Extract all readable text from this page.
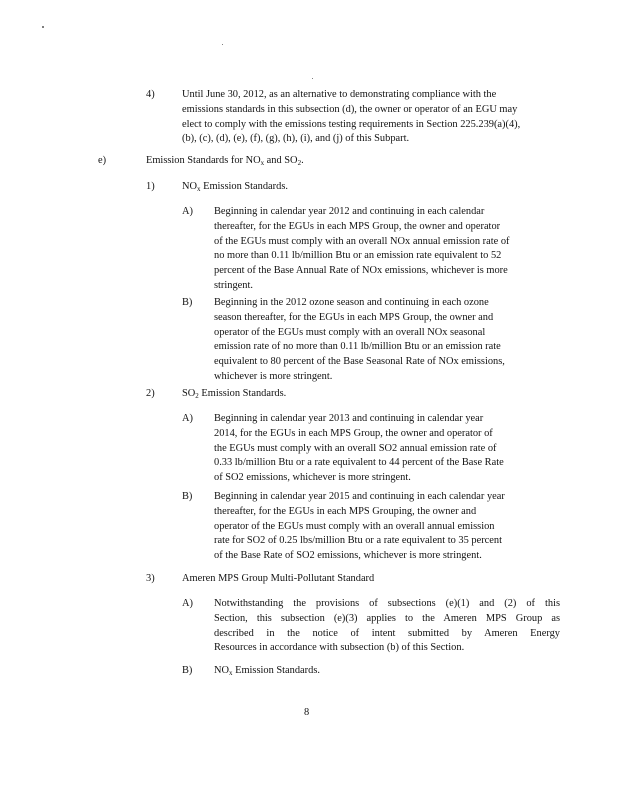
4)	Until June 30, 2012, as an alternative to demonstrating compliance with the
emissions standards in this subsection (d), the owner or operator of an EGU may
elect to comply with the emissions testing requirements in Section 225.239(a)(4),
(b), (c), (d), (e), (f), (g), (h), (i), and (j) of this Subpart.
e)	Emission Standards for $NO_x$ and $SO_2$.
1)	$NO_x$ Emission Standards.
A) Beginning in calendar year 2012 and continuing in each calendar
thereafter, for the EGUs in each MPS Group, the owner and operator
of the EGUs must comply with an overall NOx annual emission rate of
no more than 0.11 lb/million Btu or an emission rate equivalent to 52
percent of the Base Annual Rate of NOx emissions, whichever is more
stringent.
B) Beginning in the 2012 ozone season and continuing in each ozone
season thereafter, for the EGUs in each MPS Group, the owner and
operator of the EGUs must comply with an overall NOx seasonal
emission rate of no more than 0.11 lb/million Btu or an emission rate
equivalent to 80 percent of the Base Seasonal Rate of NOx emissions,
whichever is more stringent.
2)	$SO_2$ Emission Standards.
A) Beginning in calendar year 2013 and continuing in calendar year
2014, for the EGUs in each MPS Group, the owner and operator of
the EGUs must comply with an overall SO2 annual emission rate of
0.33 lb/million Btu or a rate equivalent to 44 percent of the Base Rate
of SO2 emissions, whichever is more stringent.
B) Beginning in calendar year 2015 and continuing in each calendar year
thereafter, for the EGUs in each MPS Grouping, the owner and
operator of the EGUs must comply with an overall annual emission
rate for SO2 of 0.25 lbs/million Btu or a rate equivalent to 35 percent
of the Base Rate of SO2 emissions, whichever is more stringent.
3)	Ameren MPS Group Multi-Pollutant Standard
A) Notwithstanding the provisions of subsections (e)(1) and (2) of this
Section, this subsection (e)(3) applies to the Ameren MPS Group as
described in the notice of intent submitted by Ameren Energy
Resources in accordance with subsection (b) of this Section.
B) $NO_x$ Emission Standards.
8
